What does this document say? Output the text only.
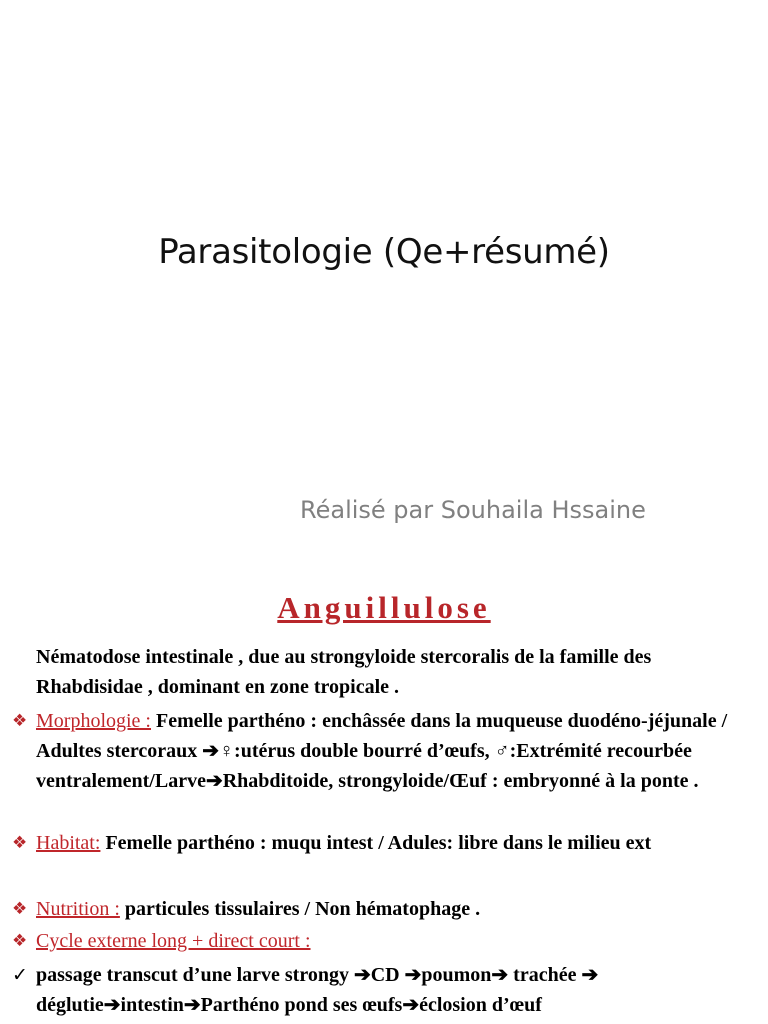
Parasitologie (Qe+résumé)
Réalisé par Souhaila Hssaine
Anguillulose
Nématodose intestinale , due au strongyloide stercoralis de la famille des Rhabdisidae , dominant en zone tropicale .
❖ Morphologie : Femelle parthéno : enchâssée dans la muqueuse duodéno-jéjunale / Adultes stercoraux ➔♀:utérus double bourré d’œufs, ♂:Extrémité recourbée ventralement/Larve➔Rhabditoide, strongyloide/Œuf : embryonné à la ponte .
❖ Habitat: Femelle parthéno : muqu intest / Adules: libre dans le milieu ext
❖ Nutrition : particules tissulaires / Non hématophage .
❖ Cycle externe long + direct court :
✓ passage transcut d’une larve strongy ➔CD ➔poumon➔ trachée ➔ déglutie➔intestin➔Parthéno pond ses œufs➔éclosion d’œuf
